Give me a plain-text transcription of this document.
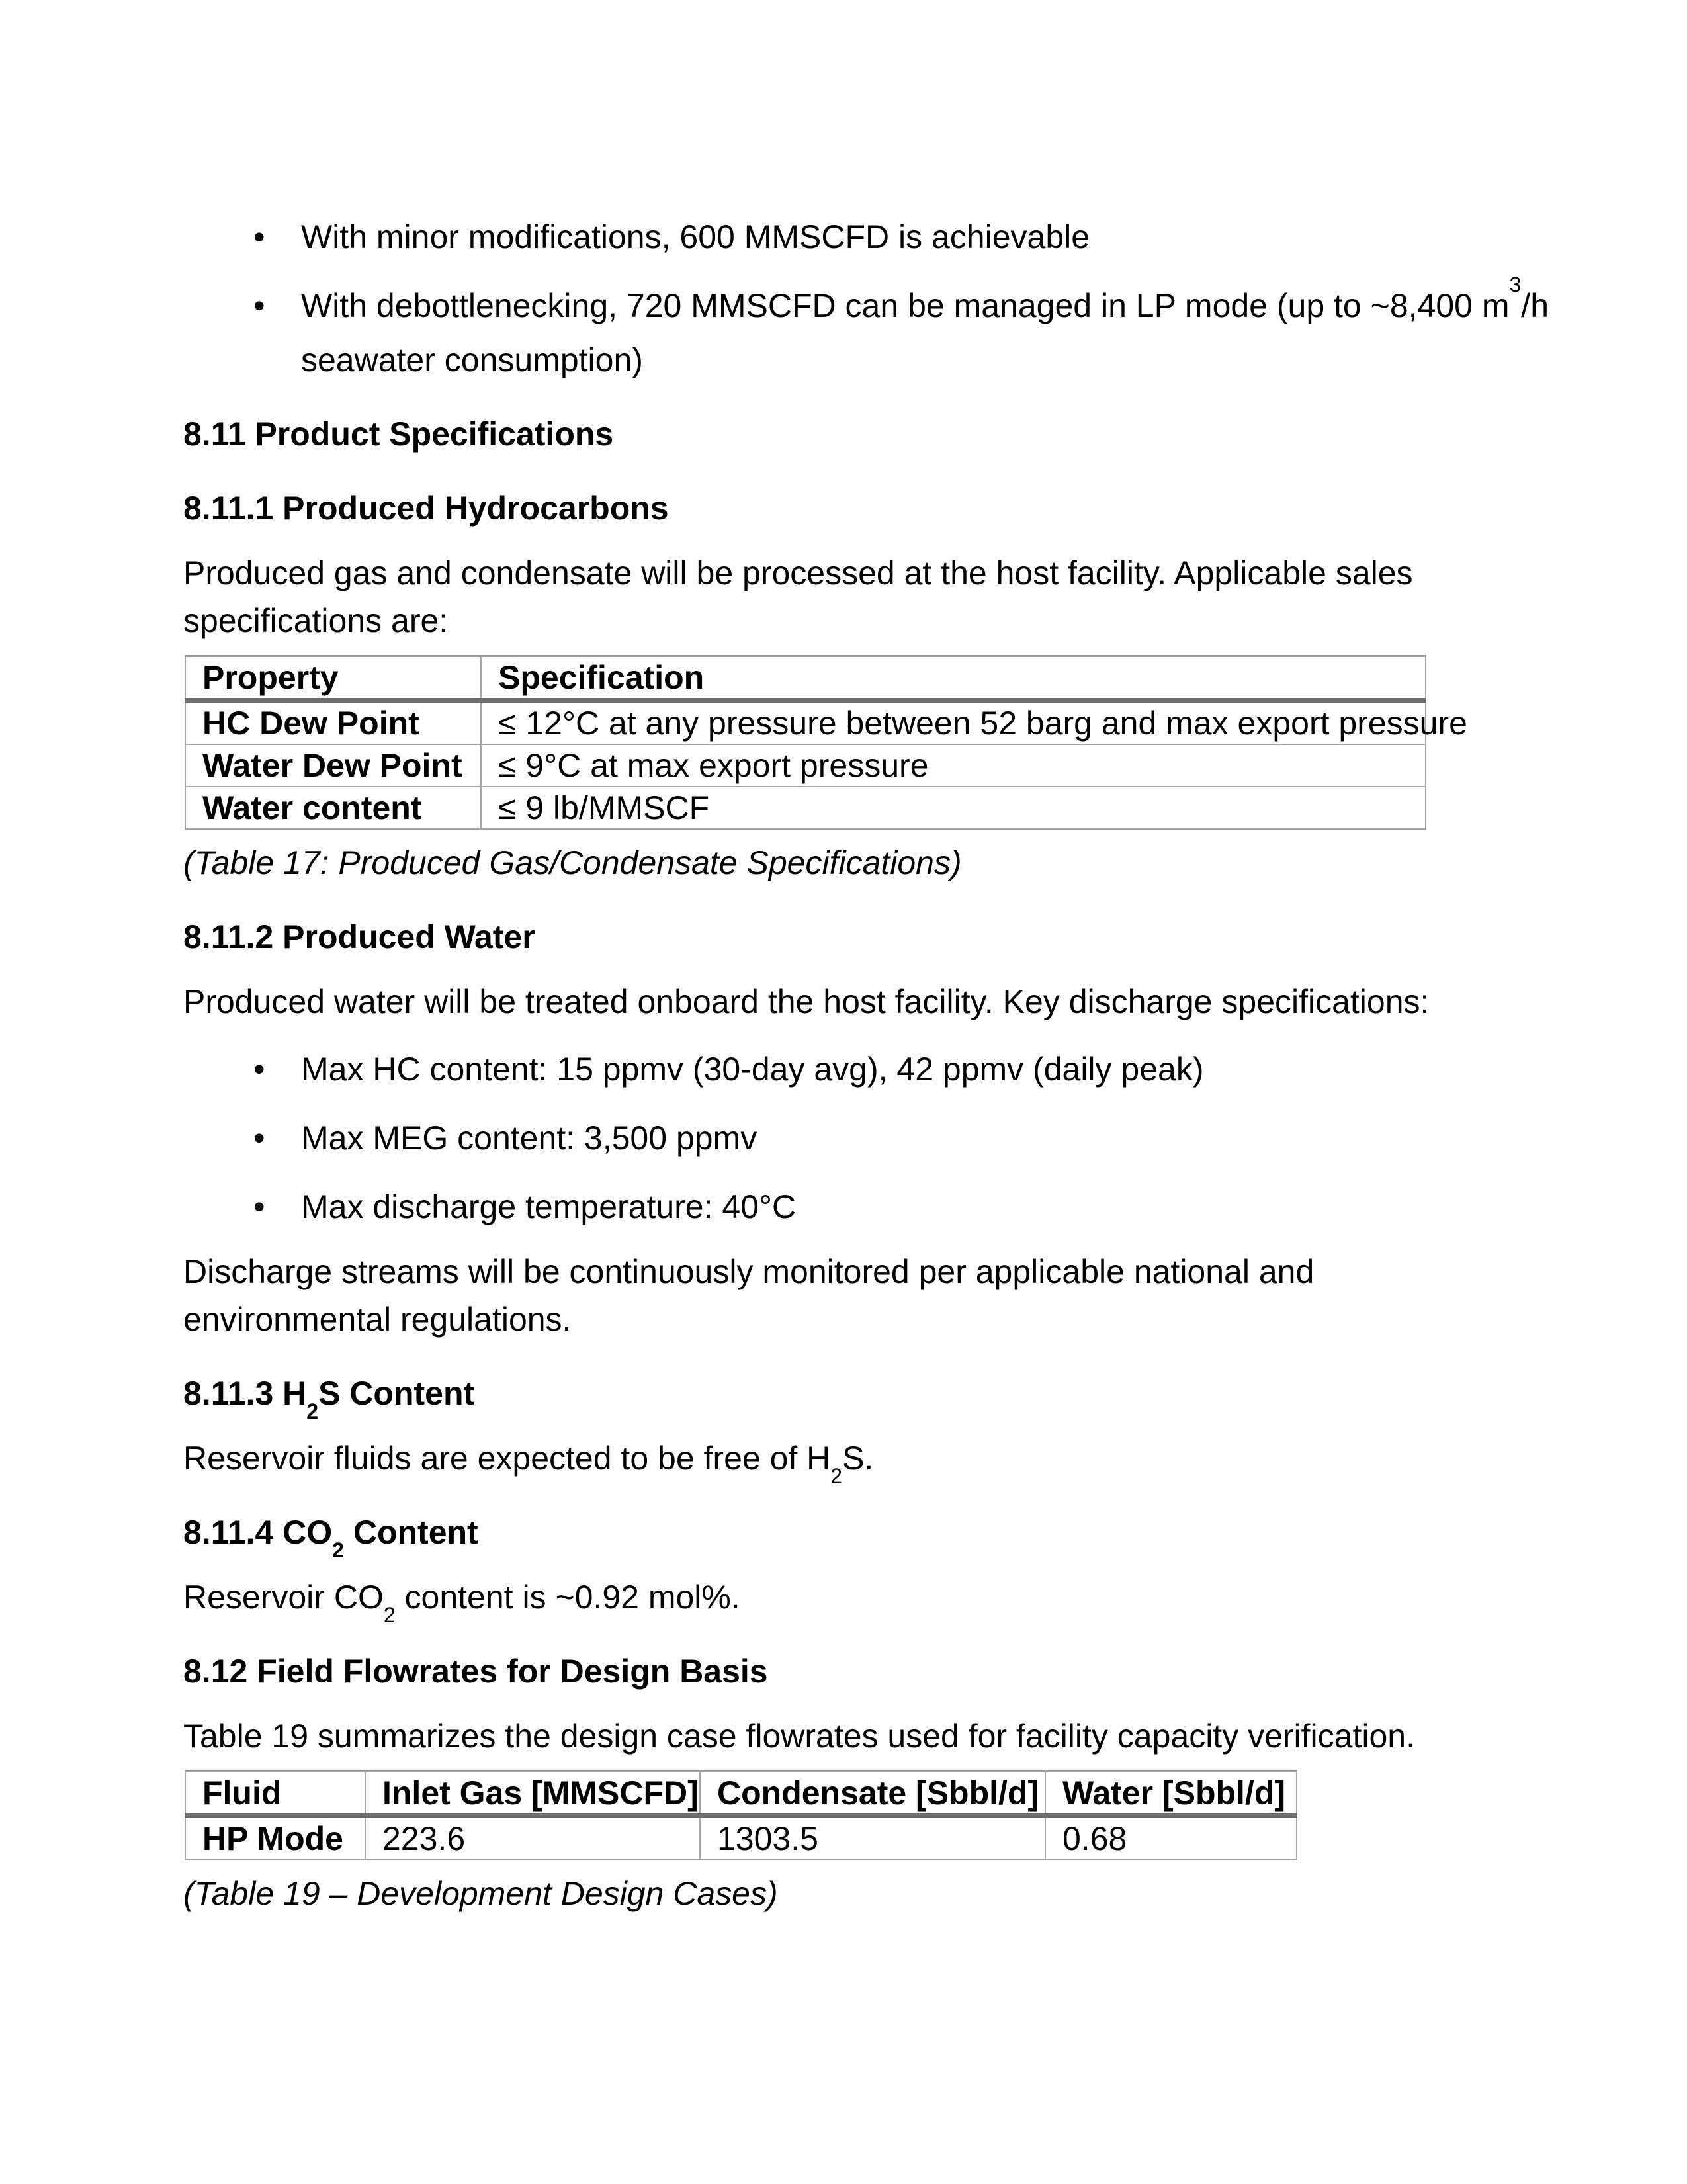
• With minor modifications, 600 MMSCFD is achievable
• With debottlenecking, 720 MMSCFD can be managed in LP mode (up to ~8,400 $m^3/h$
seawater consumption)
8.11 Product Specifications
8.11.1 Produced Hydrocarbons

Produced gas and condensate will be processed at the host facility. Applicable sales
specifications are:

Property	Specification
HC Dew Point	≤ 12°C at any pressure between 52 barg and max export pressure
Water Dew Point	≤ 9°C at max export pressure
Water content	≤ 9 lb/MMSCF

(Table 17: Produced Gas/Condensate Specifications)

8.11.2 Produced Water

Produced water will be treated onboard the host facility. Key discharge specifications:

• Max HC content: 15 ppmv (30-day avg), 42 ppmv (daily peak)
• Max MEG content: 3,500 ppmv
• Max discharge temperature: 40°C

Discharge streams will be continuously monitored per applicable national and
environmental regulations.

8.11.3 $H_2S$ Content

Reservoir fluids are expected to be free of $H_2S$.

8.11.4 $CO_2$ Content

Reservoir $CO_2$ content is ~0.92 mol%.

8.12 Field Flowrates for Design Basis

Table 19 summarizes the design case flowrates used for facility capacity verification.

Fluid	Inlet Gas [MMSCFD]	Condensate [Sbbl/d]	Water [Sbbl/d]
HP Mode	223.6	1303.5	0.68

(Table 19 – Development Design Cases)
